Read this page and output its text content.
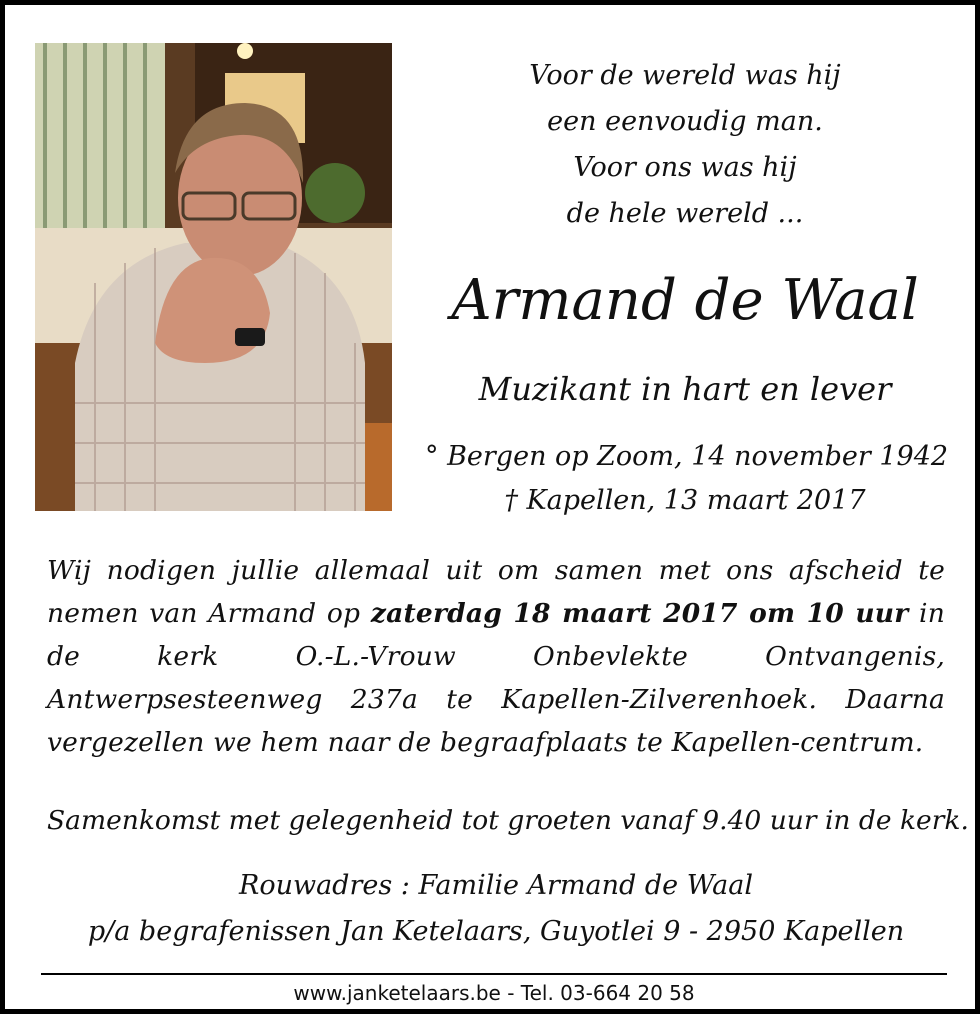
Voor de wereld was hij
een eenvoudig man.
Voor ons was hij
de hele wereld ...
Armand de Waal
Muzikant in hart en lever
° Bergen op Zoom, 14 november 1942
† Kapellen, 13 maart 2017
Wij nodigen jullie allemaal uit om samen met ons afscheid te nemen van Armand op zaterdag 18 maart 2017 om 10 uur in de kerk O.-L.-Vrouw Onbevlekte Ontvangenis, Antwerpsesteenweg 237a te Kapellen-Zilverenhoek. Daarna vergezellen we hem naar de begraafplaats te Kapellen-centrum.
Samenkomst met gelegenheid tot groeten vanaf 9.40 uur in de kerk.
Rouwadres : Familie Armand de Waal
p/a begrafenissen Jan Ketelaars, Guyotlei 9 - 2950 Kapellen
www.janketelaars.be - Tel. 03-664 20 58
